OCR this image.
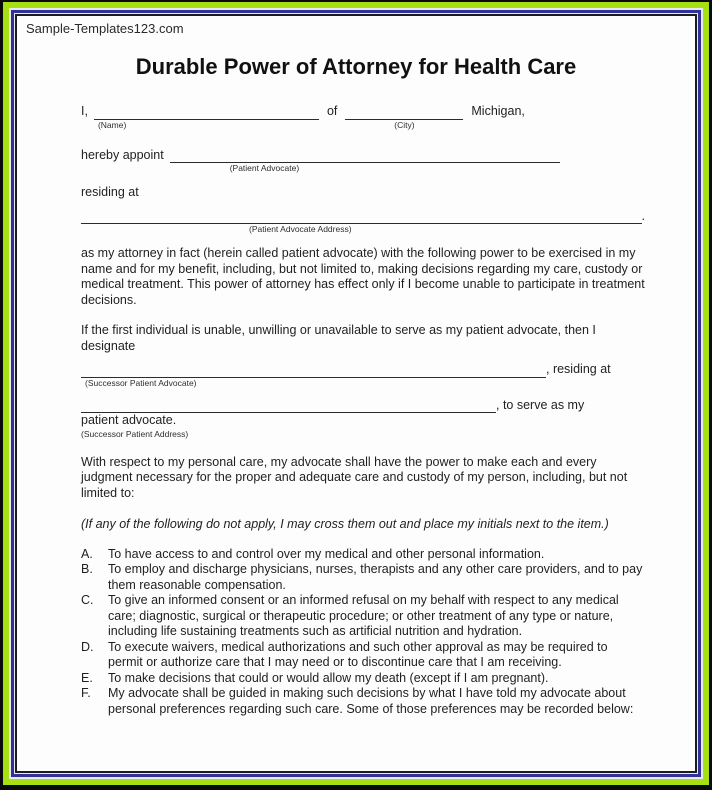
Sample-Templates123.com
Durable Power of Attorney for Health Care
I,
(Name)
of
(City)
Michigan,
hereby appoint
(Patient Advocate)
residing at
(Patient Advocate Address)
.

as my attorney in fact (herein called patient advocate) with the following power to be exercised in my name and for my benefit, including, but not limited to, making decisions regarding my care, custody or medical treatment. This power of attorney has effect only if I become unable to participate in treatment decisions.

If the first individual is unable, unwilling or unavailable to serve as my patient advocate, then I designate

(Successor Patient Advocate)
, residing at
, to serve as my
patient advocate.
(Successor Patient Address)

With respect to my personal care, my advocate shall have the power to make each and every judgment necessary for the proper and adequate care and custody of my person, including, but not limited to:

(If any of the following do not apply, I may cross them out and place my initials next to the item.)

A.	To have access to and control over my medical and other personal information.
B.	To employ and discharge physicians, nurses, therapists and any other care providers, and to pay them reasonable compensation.
C.	To give an informed consent or an informed refusal on my behalf with respect to any medical care; diagnostic, surgical or therapeutic procedure; or other treatment of any type or nature, including life sustaining treatments such as artificial nutrition and hydration.
D.	To execute waivers, medical authorizations and such other approval as may be required to permit or authorize care that I may need or to discontinue care that I am receiving.
E.	To make decisions that could or would allow my death (except if I am pregnant).
F.	My advocate shall be guided in making such decisions by what I have told my advocate about personal preferences regarding such care. Some of those preferences may be recorded below:
